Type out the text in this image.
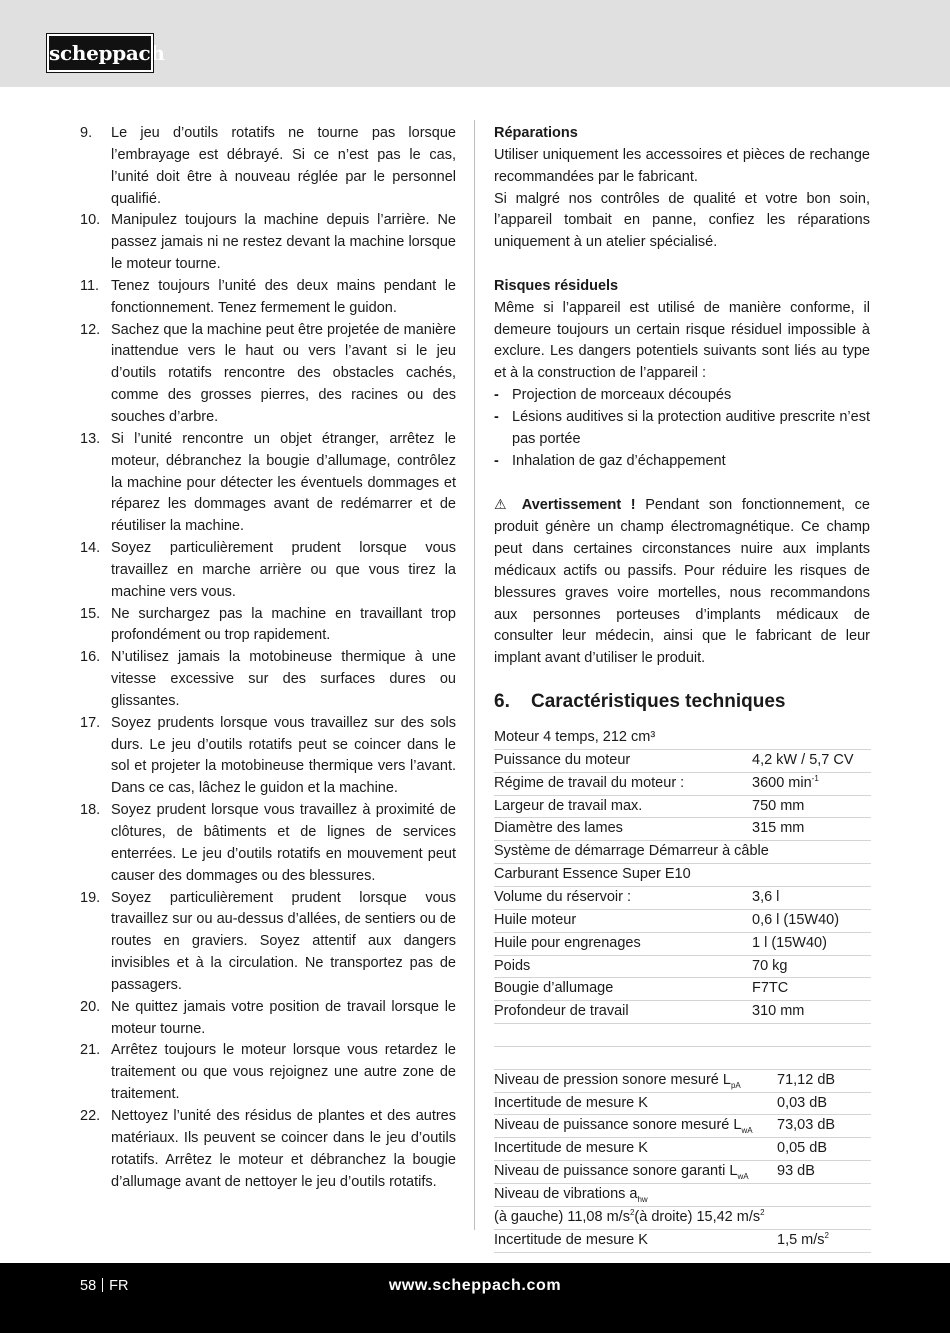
scheppach
9.	Le jeu d’outils rotatifs ne tourne pas lorsque l’embrayage est débrayé. Si ce n’est pas le cas, l’unité doit être à nouveau réglée par le personnel qualifié.
10. Manipulez toujours la machine depuis l’arrière. Ne passez jamais ni ne restez devant la machine lorsque le moteur tourne.
11. Tenez toujours l’unité des deux mains pendant le fonctionnement. Tenez fermement le guidon.
12. Sachez que la machine peut être projetée de manière inattendue vers le haut ou vers l’avant si le jeu d’outils rotatifs rencontre des obstacles cachés, comme des grosses pierres, des racines ou des souches d’arbre.
13. Si l’unité rencontre un objet étranger, arrêtez le moteur, débranchez la bougie d’allumage, contrôlez la machine pour détecter les éventuels dommages et réparez les dommages avant de redémarrer et de réutiliser la machine.
14. Soyez particulièrement prudent lorsque vous travaillez en marche arrière ou que vous tirez la machine vers vous.
15. Ne surchargez pas la machine en travaillant trop profondément ou trop rapidement.
16. N’utilisez jamais la motobineuse thermique à une vitesse excessive sur des surfaces dures ou glissantes.
17. Soyez prudents lorsque vous travaillez sur des sols durs. Le jeu d’outils rotatifs peut se coincer dans le sol et projeter la motobineuse thermique vers l’avant. Dans ce cas, lâchez le guidon et la machine.
18. Soyez prudent lorsque vous travaillez à proximité de clôtures, de bâtiments et de lignes de services enterrées. Le jeu d’outils rotatifs en mouvement peut causer des dommages ou des blessures.
19. Soyez particulièrement prudent lorsque vous travaillez sur ou au-dessus d’allées, de sentiers ou de routes en graviers. Soyez attentif aux dangers invisibles et à la circulation. Ne transportez pas de passagers.
20. Ne quittez jamais votre position de travail lorsque le moteur tourne.
21. Arrêtez toujours le moteur lorsque vous retardez le traitement ou que vous rejoignez une autre zone de traitement.
22. Nettoyez l’unité des résidus de plantes et des autres matériaux. Ils peuvent se coincer dans le jeu d’outils rotatifs. Arrêtez le moteur et débranchez la bougie d’allumage avant de nettoyer le jeu d’outils rotatifs.

Réparations

Utiliser uniquement les accessoires et pièces de rechange recommandées par le fabricant.

Si malgré nos contrôles de qualité et votre bon soin, l’appareil tombait en panne, confiez les réparations uniquement à un atelier spécialisé.

Risques résiduels

Même si l’appareil est utilisé de manière conforme, il demeure toujours un certain risque résiduel impossible à exclure. Les dangers potentiels suivants sont liés au type et à la construction de l’appareil :

- Projection de morceaux découpés
- Lésions auditives si la protection auditive prescrite n’est pas portée
- Inhalation de gaz d’échappement

⚠ Avertissement ! Pendant son fonctionnement, ce produit génère un champ électromagnétique. Ce champ peut dans certaines circonstances nuire aux implants médicaux actifs ou passifs. Pour réduire les risques de blessures graves voire mortelles, nous recommandons aux personnes porteuses d’implants médicaux de consulter leur médecin, ainsi que le fabricant de leur implant avant d’utiliser le produit.

6. Caractéristiques techniques
Moteur 4 temps, 212 cm³	
Puissance du moteur	4,2 kW / 5,7 CV
Régime de travail du moteur :	3600 $\min^{-1}$
Largeur de travail max.	750 mm
Diamètre des lames	315 mm
Système de démarrage Démarreur à câble	
Carburant Essence Super E10	
Volume du réservoir :	3,6 l
Huile moteur	0,6 l (15W40)
Huile pour engrenages	1 l (15W40)
Poids	70 kg
Bougie d’allumage	F7TC
Profondeur de travail	310 mm

Niveau de pression sonore mesuré $L_{pA}$	71,12 dB
Incertitude de mesure K	0,03 dB
Niveau de puissance sonore mesuré $L_{wA}$	73,03 dB
Incertitude de mesure K	0,05 dB
Niveau de puissance sonore garanti $L_{wA}$	93 dB
Niveau de vibrations $a_{hw}$
(à gauche) 11,08 $m/s^2(à$ droite) 15,42 $m/s^2$
Incertitude de mesure K	1,5 $m/s^2$
58 FR	www.scheppach.com
